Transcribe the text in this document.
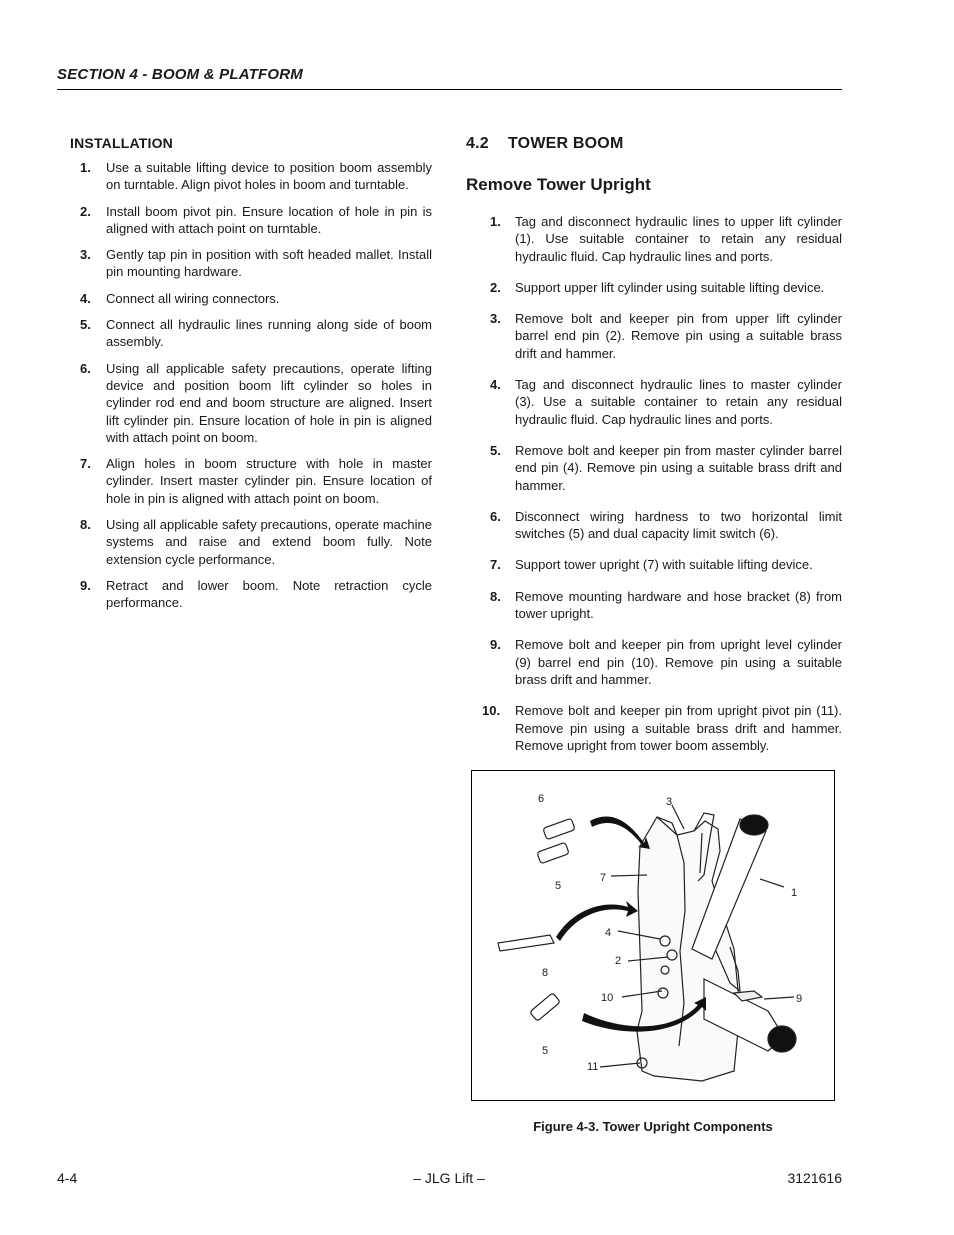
SECTION 4 - BOOM & PLATFORM
INSTALLATION
1. Use a suitable lifting device to position boom assembly on turntable. Align pivot holes in boom and turntable.
2. Install boom pivot pin. Ensure location of hole in pin is aligned with attach point on turntable.
3. Gently tap pin in position with soft headed mallet. Install pin mounting hardware.
4. Connect all wiring connectors.
5. Connect all hydraulic lines running along side of boom assembly.
6. Using all applicable safety precautions, operate lifting device and position boom lift cylinder so holes in cylinder rod end and boom structure are aligned. Insert lift cylinder pin. Ensure location of hole in pin is aligned with attach point on boom.
7. Align holes in boom structure with hole in master cylinder. Insert master cylinder pin. Ensure location of hole in pin is aligned with attach point on boom.
8. Using all applicable safety precautions, operate machine systems and raise and extend boom fully. Note extension cycle performance.
9. Retract and lower boom. Note retraction cycle performance.
4.2 TOWER BOOM
Remove Tower Upright
1. Tag and disconnect hydraulic lines to upper lift cylinder (1). Use suitable container to retain any residual hydraulic fluid. Cap hydraulic lines and ports.
2. Support upper lift cylinder using suitable lifting device.
3. Remove bolt and keeper pin from upper lift cylinder barrel end pin (2). Remove pin using a suitable brass drift and hammer.
4. Tag and disconnect hydraulic lines to master cylinder (3). Use a suitable container to retain any residual hydraulic fluid. Cap hydraulic lines and ports.
5. Remove bolt and keeper pin from master cylinder barrel end pin (4). Remove pin using a suitable brass drift and hammer.
6. Disconnect wiring hardness to two horizontal limit switches (5) and dual capacity limit switch (6).
7. Support tower upright (7) with suitable lifting device.
8. Remove mounting hardware and hose bracket (8) from tower upright.
9. Remove bolt and keeper pin from upright level cylinder (9) barrel end pin (10). Remove pin using a suitable brass drift and hammer.
10. Remove bolt and keeper pin from upright pivot pin (11). Remove pin using a suitable brass drift and hammer. Remove upright from tower boom assembly.
6	3
7
5
1
4
2
8
10	9
5
11
Figure 4-3. Tower Upright Components
4-4	– JLG Lift –	3121616
